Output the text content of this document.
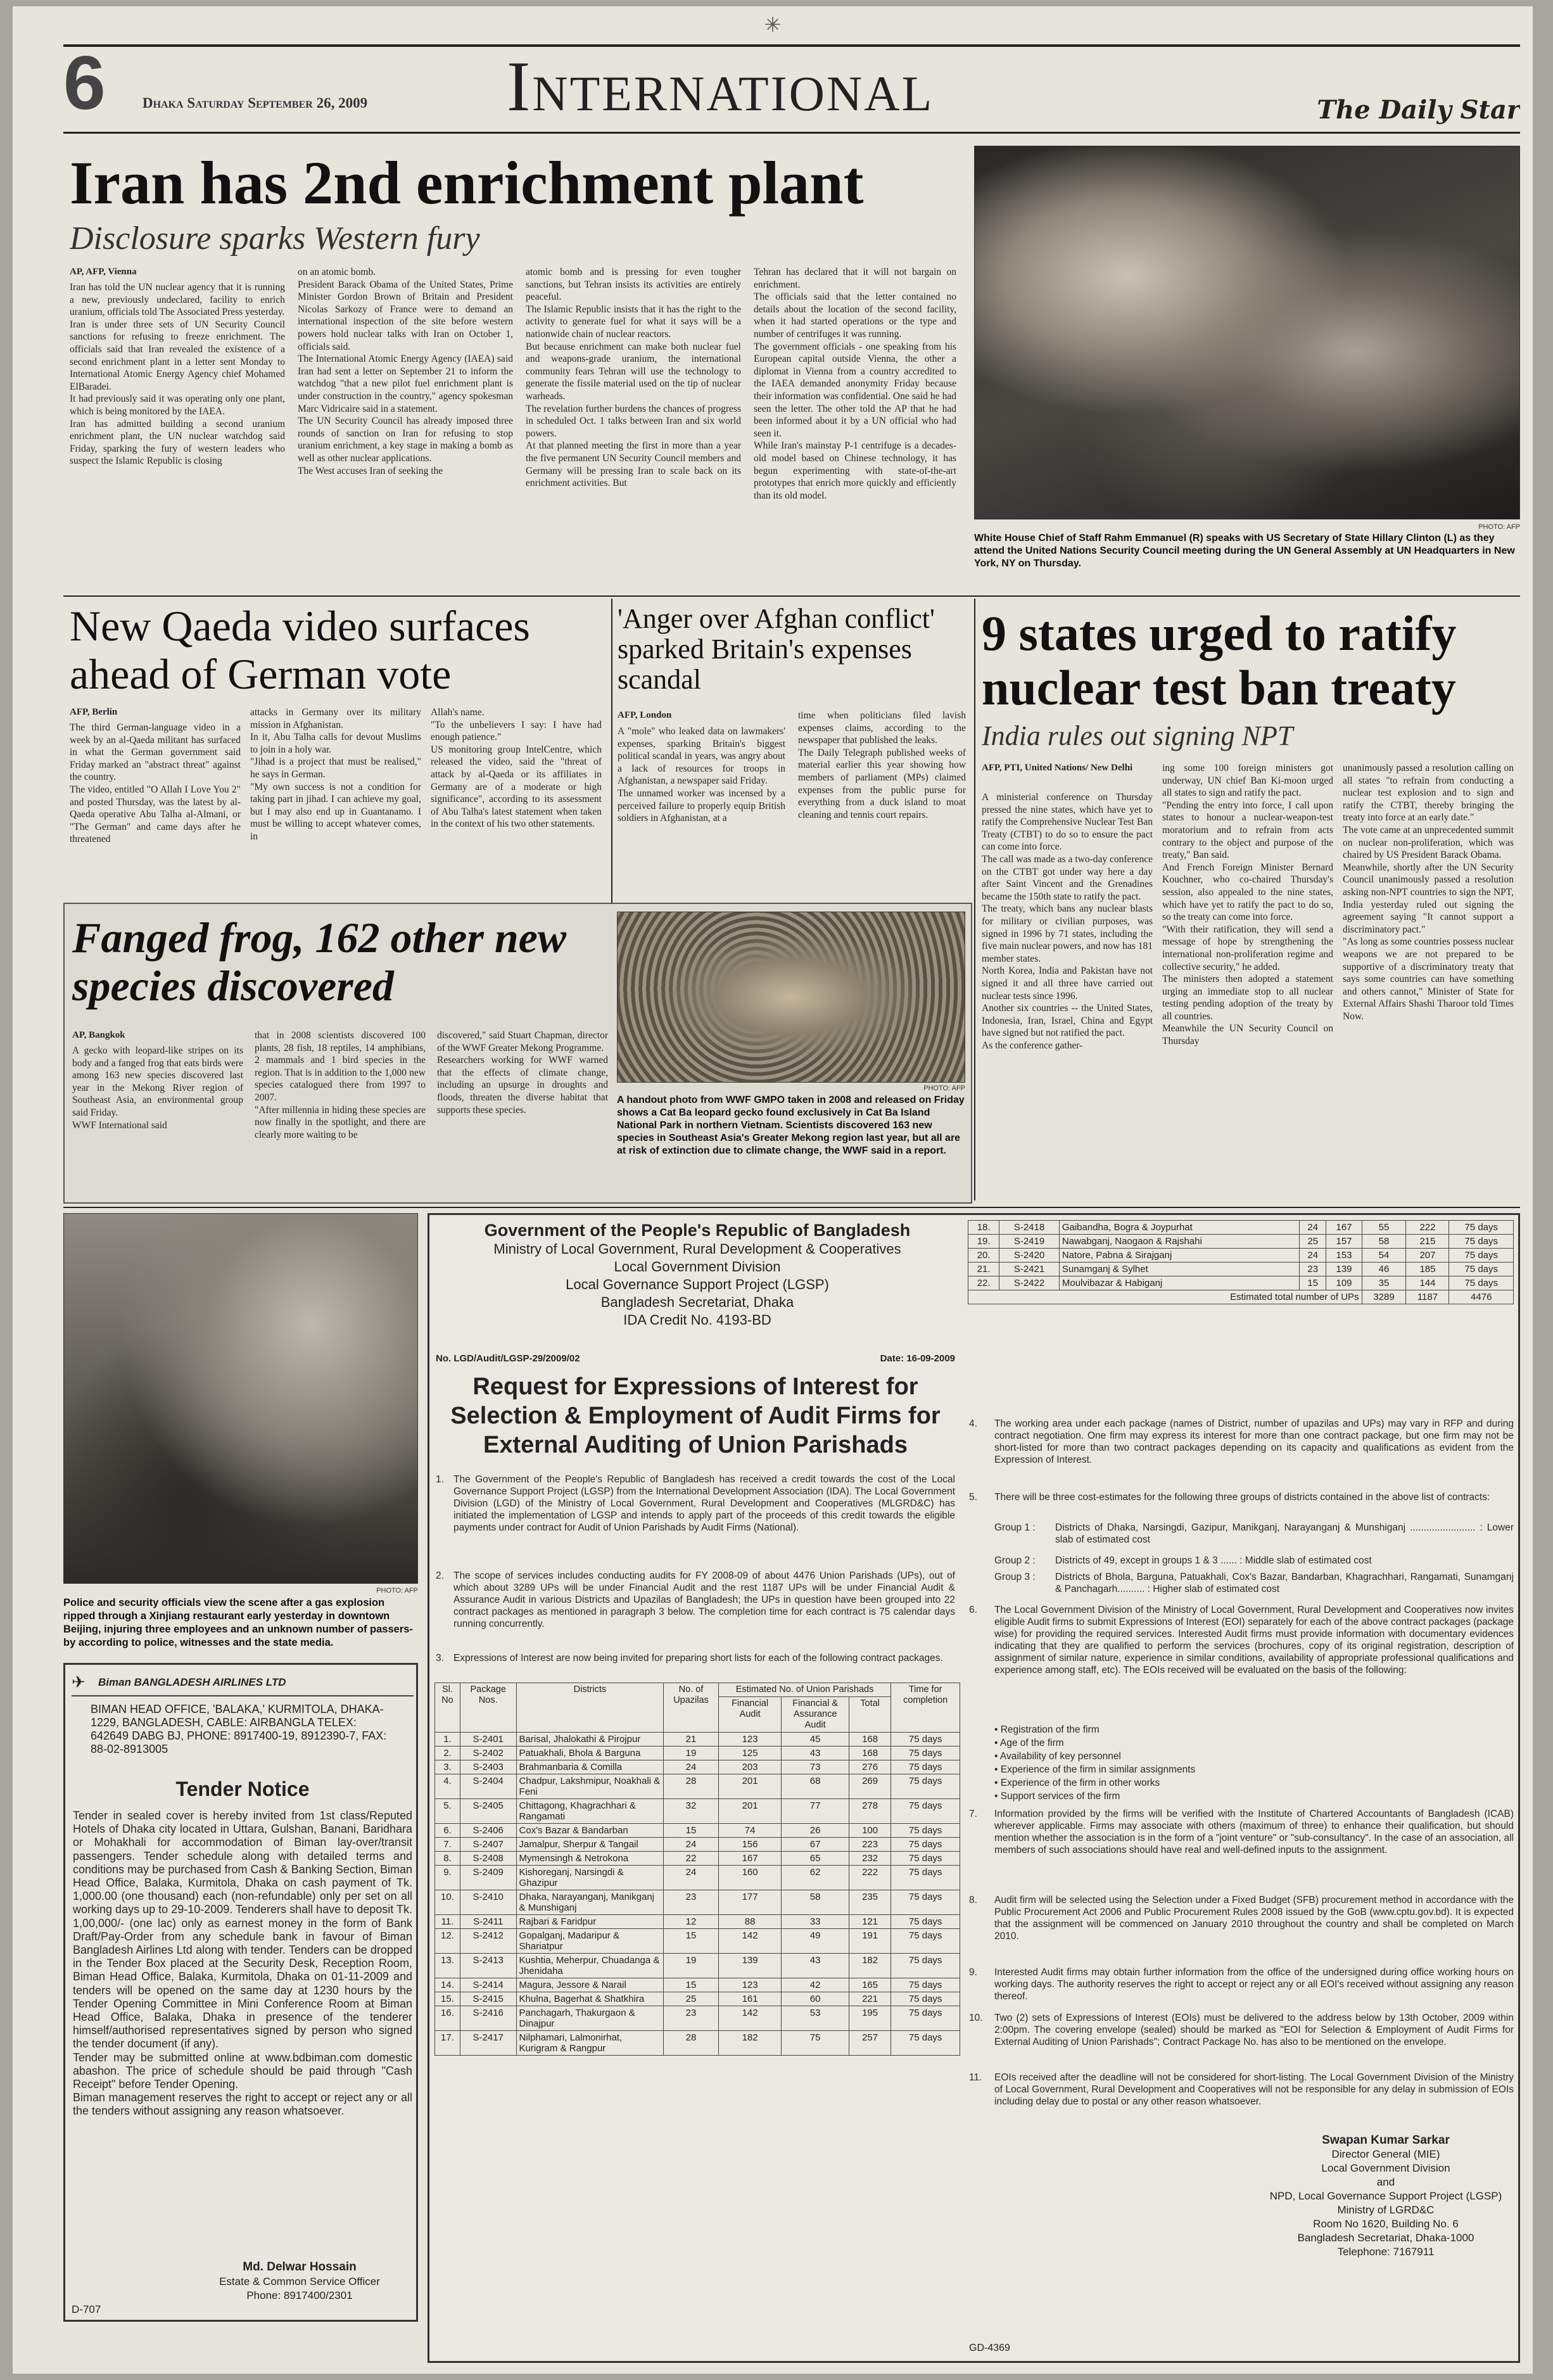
✳
6	Dhaka Saturday September 26, 2009	International	The Daily Star
Iran has 2nd enrichment plant
Disclosure sparks Western fury
AP, AFP, Vienna
Iran has told the UN nuclear agency that it is running a new, previously undeclared, facility to enrich uranium, officials told The Associated Press yesterday.
Iran is under three sets of UN Security Council sanctions for refusing to freeze enrichment. The officials said that Iran revealed the existence of a second enrichment plant in a letter sent Monday to International Atomic Energy Agency chief Mohamed ElBaradei.
It had previously said it was operating only one plant, which is being monitored by the IAEA.
Iran has admitted building a second uranium enrichment plant, the UN nuclear watchdog said Friday, sparking the fury of western leaders who suspect the Islamic Republic is closing
on an atomic bomb.
President Barack Obama of the United States, Prime Minister Gordon Brown of Britain and President Nicolas Sarkozy of France were to demand an international inspection of the site before western powers hold nuclear talks with Iran on October 1, officials said.
The International Atomic Energy Agency (IAEA) said Iran had sent a letter on September 21 to inform the watchdog "that a new pilot fuel enrichment plant is under construction in the country," agency spokesman Marc Vidricaire said in a statement.
The UN Security Council has already imposed three rounds of sanction on Iran for refusing to stop uranium enrichment, a key stage in making a bomb as well as other nuclear applications.
The West accuses Iran of seeking the
atomic bomb and is pressing for even tougher sanctions, but Tehran insists its activities are entirely peaceful.
The Islamic Republic insists that it has the right to the activity to generate fuel for what it says will be a nationwide chain of nuclear reactors.
But because enrichment can make both nuclear fuel and weapons-grade uranium, the international community fears Tehran will use the technology to generate the fissile material used on the tip of nuclear warheads.
The revelation further burdens the chances of progress in scheduled Oct. 1 talks between Iran and six world powers.
At that planned meeting the first in more than a year the five permanent UN Security Council members and Germany will be pressing Iran to scale back on its enrichment activities. But
Tehran has declared that it will not bargain on enrichment.
The officials said that the letter contained no details about the location of the second facility, when it had started operations or the type and number of centrifuges it was running.
The government officials - one speaking from his European capital outside Vienna, the other a diplomat in Vienna from a country accredited to the IAEA demanded anonymity Friday because their information was confidential. One said he had seen the letter. The other told the AP that he had been informed about it by a UN official who had seen it.
While Iran's mainstay P-1 centrifuge is a decades-old model based on Chinese technology, it has begun experimenting with state-of-the-art prototypes that enrich more quickly and efficiently than its old model.
PHOTO: AFP
White House Chief of Staff Rahm Emmanuel (R) speaks with US Secretary of State Hillary Clinton (L) as they attend the United Nations Security Council meeting during the UN General Assembly at UN Headquarters in New York, NY on Thursday.
New Qaeda video surfaces ahead of German vote
AFP, Berlin
The third German-language video in a week by an al-Qaeda militant has surfaced in what the German government said Friday marked an "abstract threat" against the country.
The video, entitled "O Allah I Love You 2" and posted Thursday, was the latest by al-Qaeda operative Abu Talha al-Almani, or "The German" and came days after he threatened
attacks in Germany over its military mission in Afghanistan.
In it, Abu Talha calls for devout Muslims to join in a holy war.
"Jihad is a project that must be realised," he says in German.
"My own success is not a condition for taking part in jihad. I can achieve my goal, but I may also end up in Guantanamo. I must be willing to accept whatever comes, in
Allah's name.
"To the unbelievers I say: I have had enough patience."
US monitoring group IntelCentre, which released the video, said the "threat of attack by al-Qaeda or its affiliates in Germany are of a moderate or high significance", according to its assessment of Abu Talha's latest statement when taken in the context of his two other statements.
'Anger over Afghan conflict' sparked Britain's expenses scandal
AFP, London
A "mole" who leaked data on lawmakers' expenses, sparking Britain's biggest political scandal in years, was angry about a lack of resources for troops in Afghanistan, a newspaper said Friday.
The unnamed worker was incensed by a perceived failure to properly equip British soldiers in Afghanistan, at a
time when politicians filed lavish expenses claims, according to the newspaper that published the leaks.
The Daily Telegraph published weeks of material earlier this year showing how members of parliament (MPs) claimed expenses from the public purse for everything from a duck island to moat cleaning and tennis court repairs.
9 states urged to ratify nuclear test ban treaty
India rules out signing NPT
AFP, PTI, United Nations/ New Delhi
A ministerial conference on Thursday pressed the nine states, which have yet to ratify the Comprehensive Nuclear Test Ban Treaty (CTBT) to do so to ensure the pact can come into force.
The call was made as a two-day conference on the CTBT got under way here a day after Saint Vincent and the Grenadines became the 150th state to ratify the pact.
The treaty, which bans any nuclear blasts for military or civilian purposes, was signed in 1996 by 71 states, including the five main nuclear powers, and now has 181 member states.
North Korea, India and Pakistan have not signed it and all three have carried out nuclear tests since 1996.
Another six countries -- the United States, Indonesia, Iran, Israel, China and Egypt have signed but not ratified the pact.
As the conference gather-
ing some 100 foreign ministers got underway, UN chief Ban Ki-moon urged all states to sign and ratify the pact.
"Pending the entry into force, I call upon states to honour a nuclear-weapon-test moratorium and to refrain from acts contrary to the object and purpose of the treaty," Ban said.
And French Foreign Minister Bernard Kouchner, who co-chaired Thursday's session, also appealed to the nine states, which have yet to ratify the pact to do so, so the treaty can come into force.
"With their ratification, they will send a message of hope by strengthening the international non-proliferation regime and collective security," he added.
The ministers then adopted a statement urging an immediate stop to all nuclear testing pending adoption of the treaty by all countries.
Meanwhile the UN Security Council on Thursday
unanimously passed a resolution calling on all states "to refrain from conducting a nuclear test explosion and to sign and ratify the CTBT, thereby bringing the treaty into force at an early date."
The vote came at an unprecedented summit on nuclear non-proliferation, which was chaired by US President Barack Obama.
Meanwhile, shortly after the UN Security Council unanimously passed a resolution asking non-NPT countries to sign the NPT, India yesterday ruled out signing the agreement saying "It cannot support a discriminatory pact."
"As long as some countries possess nuclear weapons we are not prepared to be supportive of a discriminatory treaty that says some countries can have something and others cannot," Minister of State for External Affairs Shashi Tharoor told Times Now.
Fanged frog, 162 other new species discovered
AP, Bangkok
A gecko with leopard-like stripes on its body and a fanged frog that eats birds were among 163 new species discovered last year in the Mekong River region of Southeast Asia, an environmental group said Friday.
WWF International said
that in 2008 scientists discovered 100 plants, 28 fish, 18 reptiles, 14 amphibians, 2 mammals and 1 bird species in the region. That is in addition to the 1,000 new species catalogued there from 1997 to 2007.
"After millennia in hiding these species are now finally in the spotlight, and there are clearly more waiting to be
discovered," said Stuart Chapman, director of the WWF Greater Mekong Programme.
Researchers working for WWF warned that the effects of climate change, including an upsurge in droughts and floods, threaten the diverse habitat that supports these species.
PHOTO: AFP
A handout photo from WWF GMPO taken in 2008 and released on Friday shows a Cat Ba leopard gecko found exclusively in Cat Ba Island National Park in northern Vietnam. Scientists discovered 163 new species in Southeast Asia's Greater Mekong region last year, but all are at risk of extinction due to climate change, the WWF said in a report.
PHOTO: AFP
Police and security officials view the scene after a gas explosion ripped through a Xinjiang restaurant early yesterday in downtown Beijing, injuring three employees and an unknown number of passers-by according to police, witnesses and the state media.
✈ Biman BANGLADESH AIRLINES LTD
BIMAN HEAD OFFICE, 'BALAKA,' KURMITOLA, DHAKA-1229, BANGLADESH, CABLE: AIRBANGLA TELEX: 642649 DABG BJ, PHONE: 8917400-19, 8912390-7, FAX: 88-02-8913005
Tender Notice
Tender in sealed cover is hereby invited from 1st class/Reputed Hotels of Dhaka city located in Uttara, Gulshan, Banani, Baridhara or Mohakhali for accommodation of Biman lay-over/transit passengers. Tender schedule along with detailed terms and conditions may be purchased from Cash & Banking Section, Biman Head Office, Balaka, Kurmitola, Dhaka on cash payment of Tk. 1,000.00 (one thousand) each (non-refundable) only per set on all working days up to 29-10-2009. Tenderers shall have to deposit Tk. 1,00,000/- (one lac) only as earnest money in the form of Bank Draft/Pay-Order from any schedule bank in favour of Biman Bangladesh Airlines Ltd along with tender. Tenders can be dropped in the Tender Box placed at the Security Desk, Reception Room, Biman Head Office, Balaka, Kurmitola, Dhaka on 01-11-2009 and tenders will be opened on the same day at 1230 hours by the Tender Opening Committee in Mini Conference Room at Biman Head Office, Balaka, Dhaka in presence of the tenderer himself/authorised representatives signed by person who signed the tender document (if any).
Tender may be submitted online at www.bdbiman.com domestic abashon. The price of schedule should be paid through "Cash Receipt" before Tender Opening.
Biman management reserves the right to accept or reject any or all the tenders without assigning any reason whatsoever.
Md. Delwar Hossain
Estate & Common Service Officer
Phone: 8917400/2301
D-707
Government of the People's Republic of Bangladesh
Ministry of Local Government, Rural Development & Cooperatives
Local Government Division
Local Governance Support Project (LGSP)
Bangladesh Secretariat, Dhaka
IDA Credit No. 4193-BD
No. LGD/Audit/LGSP-29/2009/02	Date: 16-09-2009
Request for Expressions of Interest for Selection & Employment of Audit Firms for External Auditing of Union Parishads
1. The Government of the People's Republic of Bangladesh has received a credit towards the cost of the Local Governance Support Project (LGSP) from the International Development Association (IDA). The Local Government Division (LGD) of the Ministry of Local Government, Rural Development and Cooperatives (MLGRD&C) has initiated the implementation of LGSP and intends to apply part of the proceeds of this credit towards the eligible payments under contract for Audit of Union Parishads by Audit Firms (National).
2. The scope of services includes conducting audits for FY 2008-09 of about 4476 Union Parishads (UPs), out of which about 3289 UPs will be under Financial Audit and the rest 1187 UPs will be under Financial Audit & Assurance Audit in various Districts and Upazilas of Bangladesh; the UPs in question have been grouped into 22 contract packages as mentioned in paragraph 3 below. The completion time for each contract is 75 calendar days running concurrently.
3. Expressions of Interest are now being invited for preparing short lists for each of the following contract packages.
Sl. No	Package Nos.	Districts	No. of Upazilas	Estimated No. of Union Parishads			Time for completion
				Financial Audit	Financial & Assurance Audit	Total	
1.	S-2401	Barisal, Jhalokathi & Pirojpur	21	123	45	168	75 days
2.	S-2402	Patuakhali, Bhola & Barguna	19	125	43	168	75 days
3.	S-2403	Brahmanbaria & Comilla	24	203	73	276	75 days
4.	S-2404	Chadpur, Lakshmipur, Noakhali & Feni	28	201	68	269	75 days
5.	S-2405	Chittagong, Khagrachhari & Rangamati	32	201	77	278	75 days
6.	S-2406	Cox's Bazar & Bandarban	15	74	26	100	75 days
7.	S-2407	Jamalpur, Sherpur & Tangail	24	156	67	223	75 days
8.	S-2408	Mymensingh & Netrokona	22	167	65	232	75 days
9.	S-2409	Kishoreganj, Narsingdi & Ghazipur	24	160	62	222	75 days
10.	S-2410	Dhaka, Narayanganj, Manikganj & Munshiganj	23	177	58	235	75 days
11.	S-2411	Rajbari & Faridpur	12	88	33	121	75 days
12.	S-2412	Gopalganj, Madaripur & Shariatpur	15	142	49	191	75 days
13.	S-2413	Kushtia, Meherpur, Chuadanga & Jhenidaha	19	139	43	182	75 days
14.	S-2414	Magura, Jessore & Narail	15	123	42	165	75 days
15.	S-2415	Khulna, Bagerhat & Shatkhira	25	161	60	221	75 days
16.	S-2416	Panchagarh, Thakurgaon & Dinajpur	23	142	53	195	75 days
17.	S-2417	Nilphamari, Lalmonirhat, Kurigram & Rangpur	28	182	75	257	75 days
18.	S-2418	Gaibandha, Bogra & Joypurhat	24	167	55	222	75 days
19.	S-2419	Nawabganj, Naogaon & Rajshahi	25	157	58	215	75 days
20.	S-2420	Natore, Pabna & Sirajganj	24	153	54	207	75 days
21.	S-2421	Sunamganj & Sylhet	23	139	46	185	75 days
22.	S-2422	Moulvibazar & Habiganj	15	109	35	144	75 days
Estimated total number of UPs					3289	1187	4476
4.	The working area under each package (names of District, number of upazilas and UPs) may vary in RFP and during contract negotiation. One firm may express its interest for more than one contract package, but one firm may not be short-listed for more than two contract packages depending on its capacity and qualifications as evident from the Expression of Interest.
5.	There will be three cost-estimates for the following three groups of districts contained in the above list of contracts:
Group 1 :	Districts of Dhaka, Narsingdi, Gazipur, Manikganj, Narayanganj & Munshiganj ........................ : Lower slab of estimated cost
Group 2 :	Districts of 49, except in groups 1 & 3 ...... : Middle slab of estimated cost
Group 3 :	Districts of Bhola, Barguna, Patuakhali, Cox's Bazar, Bandarban, Khagrachhari, Rangamati, Sunamganj & Panchagarh.......... : Higher slab of estimated cost
6.	The Local Government Division of the Ministry of Local Government, Rural Development and Cooperatives now invites eligible Audit firms to submit Expressions of Interest (EOI) separately for each of the above contract packages (package wise) for providing the required services. Interested Audit firms must provide information with documentary evidences indicating that they are qualified to perform the services (brochures, copy of its original registration, description of assignment of similar nature, experience in similar conditions, availability of appropriate professional qualifications and experience among staff, etc). The EOIs received will be evaluated on the basis of the following:
• Registration of the firm
• Age of the firm
• Availability of key personnel
• Experience of the firm in similar assignments
• Experience of the firm in other works
• Support services of the firm
7.	Information provided by the firms will be verified with the Institute of Chartered Accountants of Bangladesh (ICAB) wherever applicable. Firms may associate with others (maximum of three) to enhance their qualification, but should mention whether the association is in the form of a "joint venture" or "sub-consultancy". In the case of an association, all members of such associations should have real and well-defined inputs to the assignment.
8.	Audit firm will be selected using the Selection under a Fixed Budget (SFB) procurement method in accordance with the Public Procurement Act 2006 and Public Procurement Rules 2008 issued by the GoB (www.cptu.gov.bd). It is expected that the assignment will be commenced on January 2010 throughout the country and shall be completed on March 2010.
9.	Interested Audit firms may obtain further information from the office of the undersigned during office working hours on working days. The authority reserves the right to accept or reject any or all EOI's received without assigning any reason thereof.
10.	Two (2) sets of Expressions of Interest (EOIs) must be delivered to the address below by 13th October, 2009 within 2:00pm. The covering envelope (sealed) should be marked as "EOI for Selection & Employment of Audit Firms for External Auditing of Union Parishads"; Contract Package No. has also to be mentioned on the envelope.
11.	EOIs received after the deadline will not be considered for short-listing. The Local Government Division of the Ministry of Local Government, Rural Development and Cooperatives will not be responsible for any delay in submission of EOIs including delay due to postal or any other reason whatsoever.
Swapan Kumar Sarkar
Director General (MIE)
Local Government Division
and
NPD, Local Governance Support Project (LGSP)
Ministry of LGRD&C
Room No 1620, Building No. 6
Bangladesh Secretariat, Dhaka-1000
Telephone: 7167911
GD-4369
